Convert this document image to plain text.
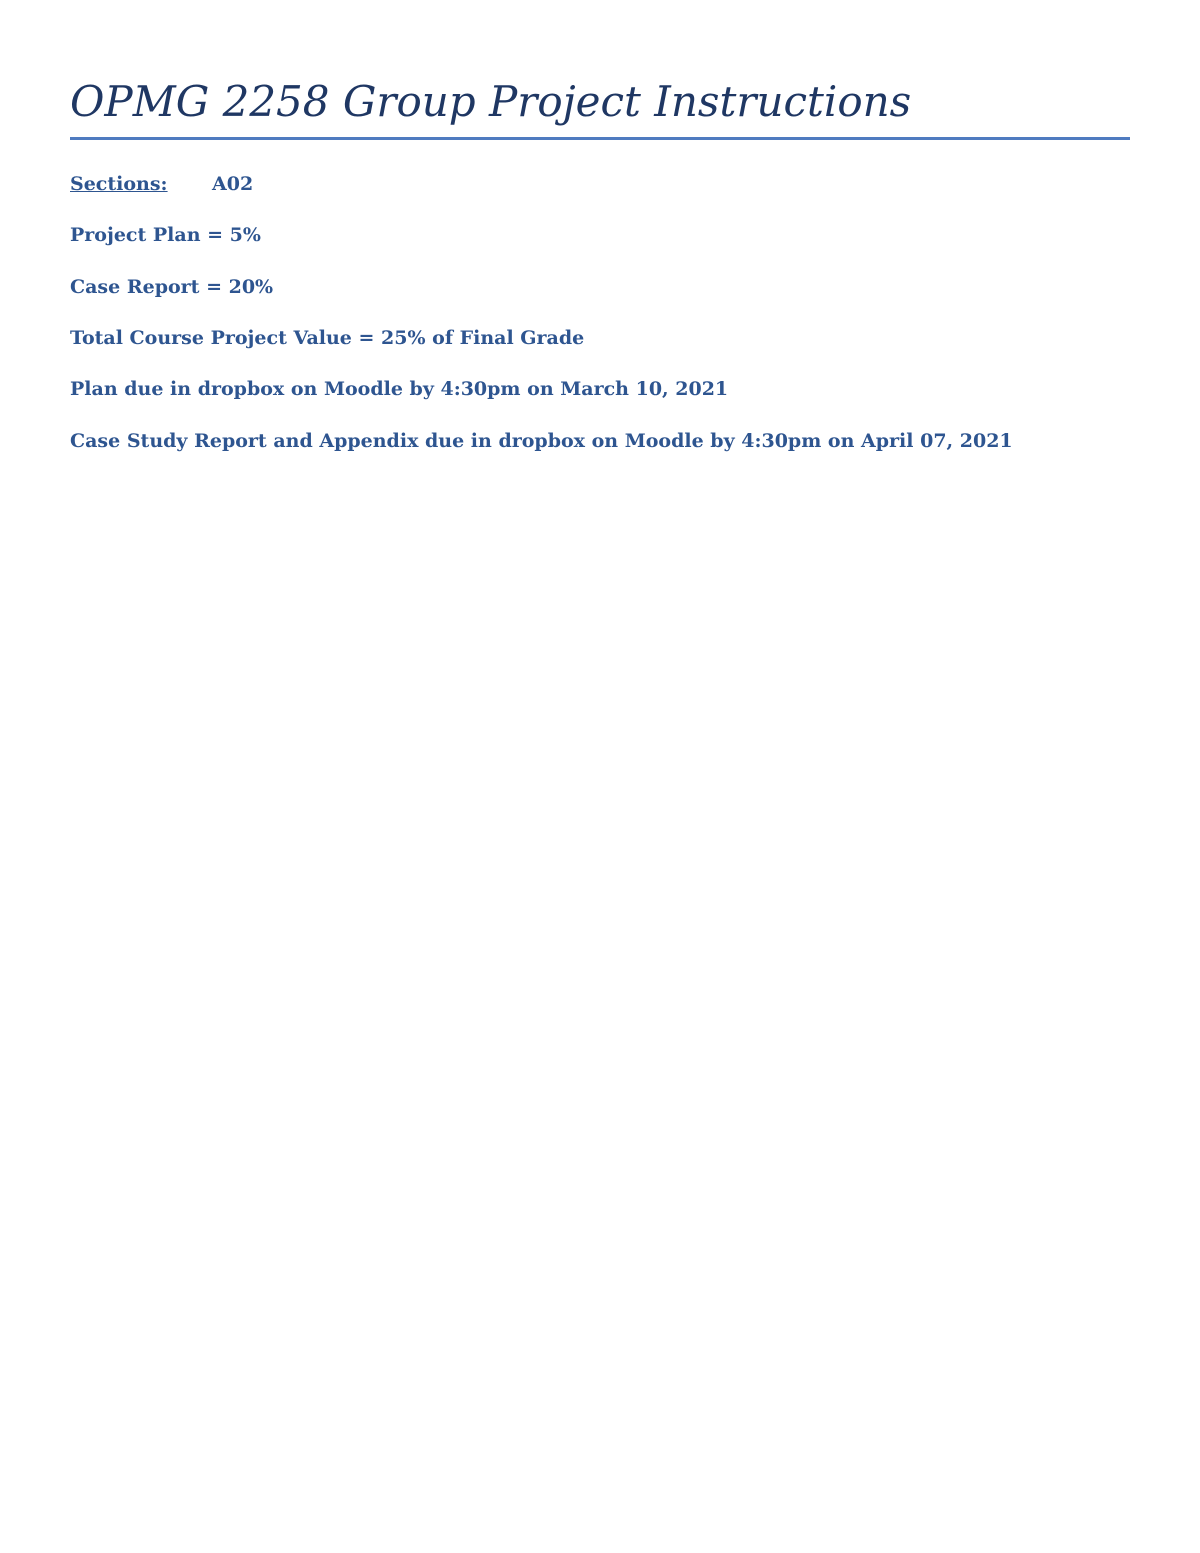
OPMG 2258 Group Project Instructions

Sections: A02

Project Plan = 5%

Case Report = 20%

Total Course Project Value = 25% of Final Grade

Plan due in dropbox on Moodle by 4:30pm on March 10, 2021

Case Study Report and Appendix due in dropbox on Moodle by 4:30pm on April 07, 2021
